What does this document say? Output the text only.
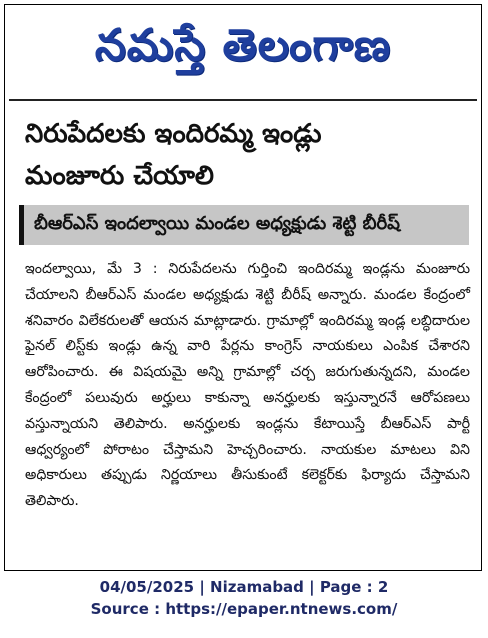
నమస్తే తెలంగాణ
నిరుపేదలకు ఇందిరమ్మ ఇండ్లు
మంజూరు చేయాలి
బీఆర్ఎస్ ఇందల్వాయి మండల అధ్యక్షుడు శెట్టి బీరీష్
ఇందల్వాయి, మే 3 : నిరుపేదలను గుర్తించి ఇందిరమ్మ ఇండ్లను మంజూరు చేయాలని బీఆర్ఎస్ మండల అధ్యక్షుడు శెట్టి బీరీష్ అన్నారు. మండల కేంద్రంలో శనివారం విలేకరులతో ఆయన మాట్లాడారు. గ్రామాల్లో ఇందిరమ్మ ఇండ్ల లబ్ధిదారుల ఫైనల్ లిస్ట్‌కు ఇండ్లు ఉన్న వారి పేర్లను కాంగ్రెస్ నాయకులు ఎంపిక చేశారని ఆరోపించారు. ఈ విషయమై అన్ని గ్రామాల్లో చర్చ జరుగుతున్నదని, మండల కేంద్రంలో పలువురు అర్హులు కాకున్నా అనర్హులకు ఇస్తున్నారనే ఆరోపణలు వస్తున్నాయని తెలిపారు. అనర్హులకు ఇండ్లను కేటాయిస్తే బీఆర్ఎస్ పార్టీ ఆధ్వర్యంలో పోరాటం చేస్తామని హెచ్చరించారు. నాయకుల మాటలు విని అధికారులు తప్పుడు నిర్ణయాలు తీసుకుంటే కలెక్టర్‌కు ఫిర్యాదు చేస్తామని తెలిపారు.
04/05/2025 | Nizamabad | Page : 2
Source : https://epaper.ntnews.com/
